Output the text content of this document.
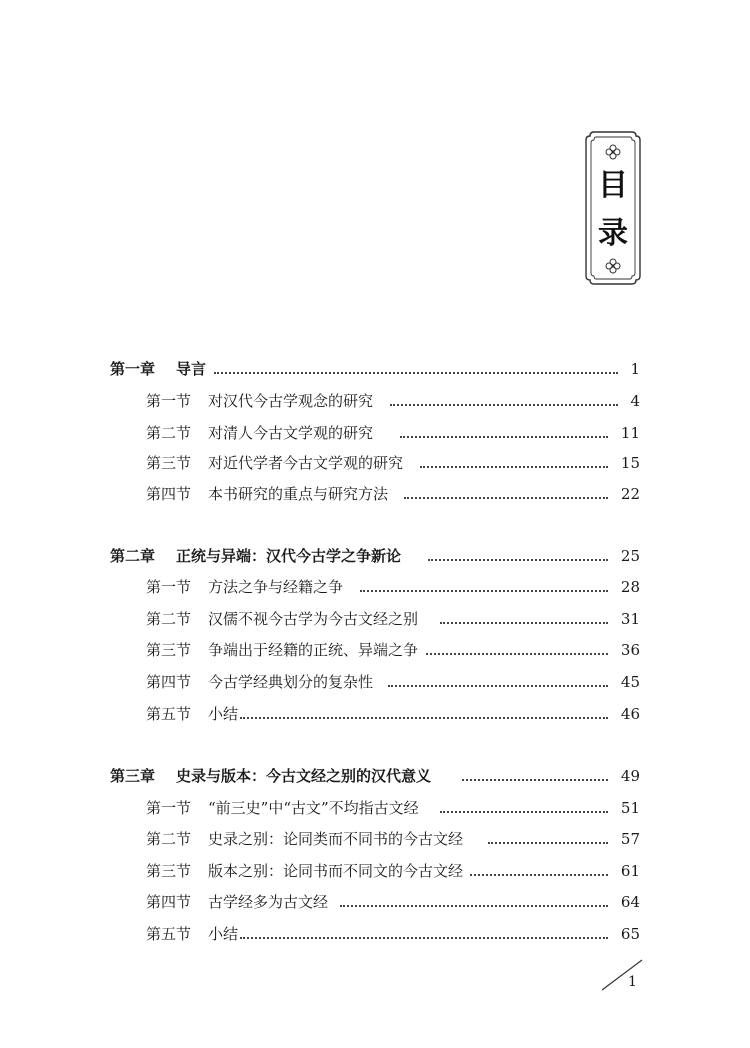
目
录
第一章 导言	1
第一节 对汉代今古学观念的研究	4
第二节 对清人今古文学观的研究	11
第三节 对近代学者今古文学观的研究	15
第四节 本书研究的重点与研究方法	22
第二章 正统与异端：汉代今古学之争新论	25
第一节 方法之争与经籍之争	28
第二节 汉儒不视今古学为今古文经之别	31
第三节 争端出于经籍的正统、异端之争	36
第四节 今古学经典划分的复杂性	45
第五节 小结	46
第三章 史录与版本：今古文经之别的汉代意义	49
第一节 “前三史”中“古文”不均指古文经	51
第二节 史录之别：论同类而不同书的今古文经	57
第三节 版本之别：论同书而不同文的今古文经	61
第四节 古学经多为古文经	64
第五节 小结	65
1
